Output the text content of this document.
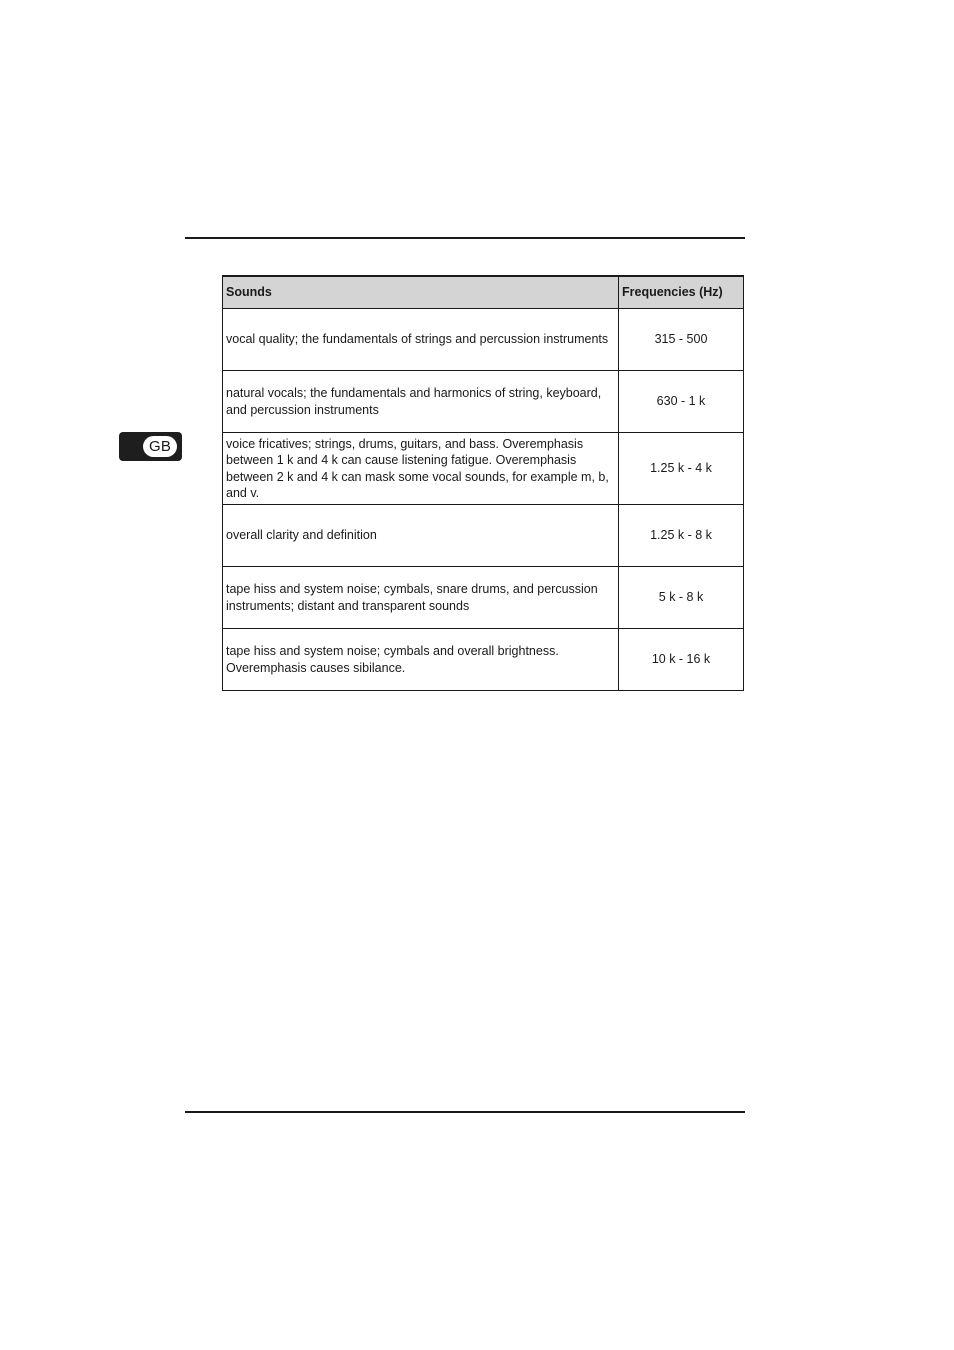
GB
Sounds	Frequencies (Hz)
vocal quality; the fundamentals of strings and percussion instruments	315 - 500
natural vocals; the fundamentals and harmonics of string, keyboard, and percussion instruments	630 - 1 k
voice fricatives; strings, drums, guitars, and bass. Overemphasis between 1 k and 4 k can cause listening fatigue. Overemphasis between 2 k and 4 k can mask some vocal sounds, for example m, b, and v.	1.25 k - 4 k
overall clarity and definition	1.25 k - 8 k
tape hiss and system noise; cymbals, snare drums, and percussion instruments; distant and transparent sounds	5 k - 8 k
tape hiss and system noise; cymbals and overall brightness. Overemphasis causes sibilance.	10 k - 16 k
